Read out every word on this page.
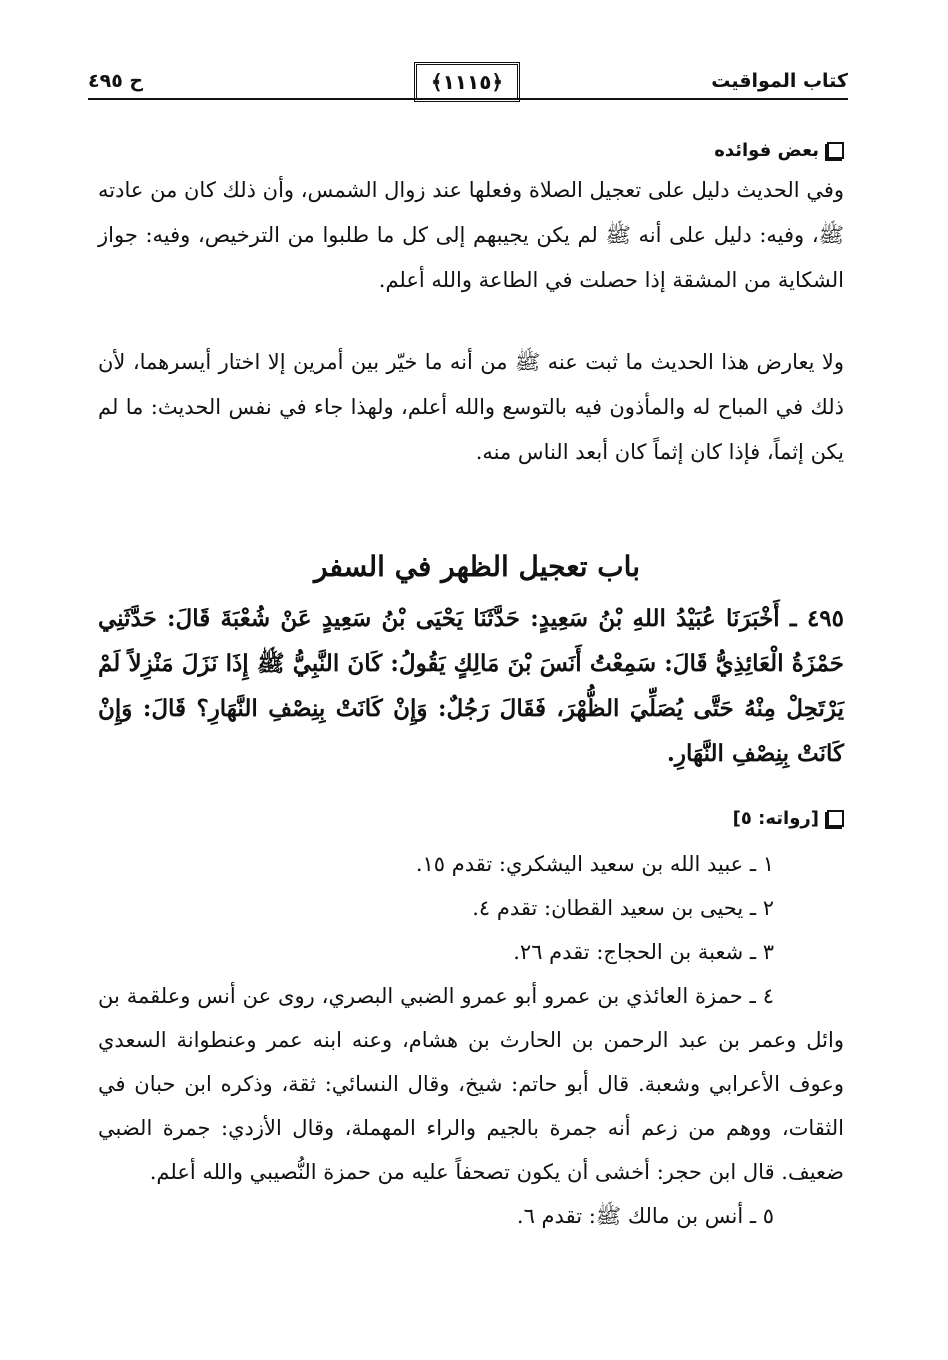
كتاب المواقيت
﴿١١١٥﴾
ح ٤٩٥
بعض فوائده

وفي الحديث دليل على تعجيل الصلاة وفعلها عند زوال الشمس، وأن ذلك كان من عادته ﷺ، وفيه: دليل على أنه ﷺ لم يكن يجيبهم إلى كل ما طلبوا من الترخيص، وفيه: جواز الشكاية من المشقة إذا حصلت في الطاعة والله أعلم.

ولا يعارض هذا الحديث ما ثبت عنه ﷺ من أنه ما خيّر بين أمرين إلا اختار أيسرهما، لأن ذلك في المباح له والمأذون فيه بالتوسع والله أعلم، ولهذا جاء في نفس الحديث: ما لم يكن إثماً، فإذا كان إثماً كان أبعد الناس منه.

باب تعجيل الظهر في السفر

٤٩٥ ـ أَخْبَرَنَا عُبَيْدُ اللهِ بْنُ سَعِيدٍ: حَدَّثَنَا يَحْيَى بْنُ سَعِيدٍ عَنْ شُعْبَةَ قَالَ: حَدَّثَنِي حَمْزَةُ الْعَائِذِيُّ قَالَ: سَمِعْتُ أَنَسَ بْنَ مَالِكٍ يَقُولُ: كَانَ النَّبِيُّ ﷺ إِذَا نَزَلَ مَنْزِلاً لَمْ يَرْتَحِلْ مِنْهُ حَتَّى يُصَلِّيَ الظُّهْرَ، فَقَالَ رَجُلٌ: وَإِنْ كَانَتْ بِنِصْفِ النَّهَارِ؟ قَالَ: وَإِنْ كَانَتْ بِنِصْفِ النَّهَارِ.

[رواته: ٥]

١ ـ عبيد الله بن سعيد اليشكري: تقدم ١٥.

٢ ـ يحيى بن سعيد القطان: تقدم ٤.

٣ ـ شعبة بن الحجاج: تقدم ٢٦.

٤ ـ حمزة العائذي بن عمرو أبو عمرو الضبي البصري، روى عن أنس وعلقمة بن وائل وعمر بن عبد الرحمن بن الحارث بن هشام، وعنه ابنه عمر وعنطوانة السعدي وعوف الأعرابي وشعبة. قال أبو حاتم: شيخ، وقال النسائي: ثقة، وذكره ابن حبان في الثقات، ووهم من زعم أنه جمرة بالجيم والراء المهملة، وقال الأزدي: جمرة الضبي ضعيف. قال ابن حجر: أخشى أن يكون تصحفاً عليه من حمزة النُّصيبي والله أعلم.

٥ ـ أنس بن مالك ﷺ: تقدم ٦.
